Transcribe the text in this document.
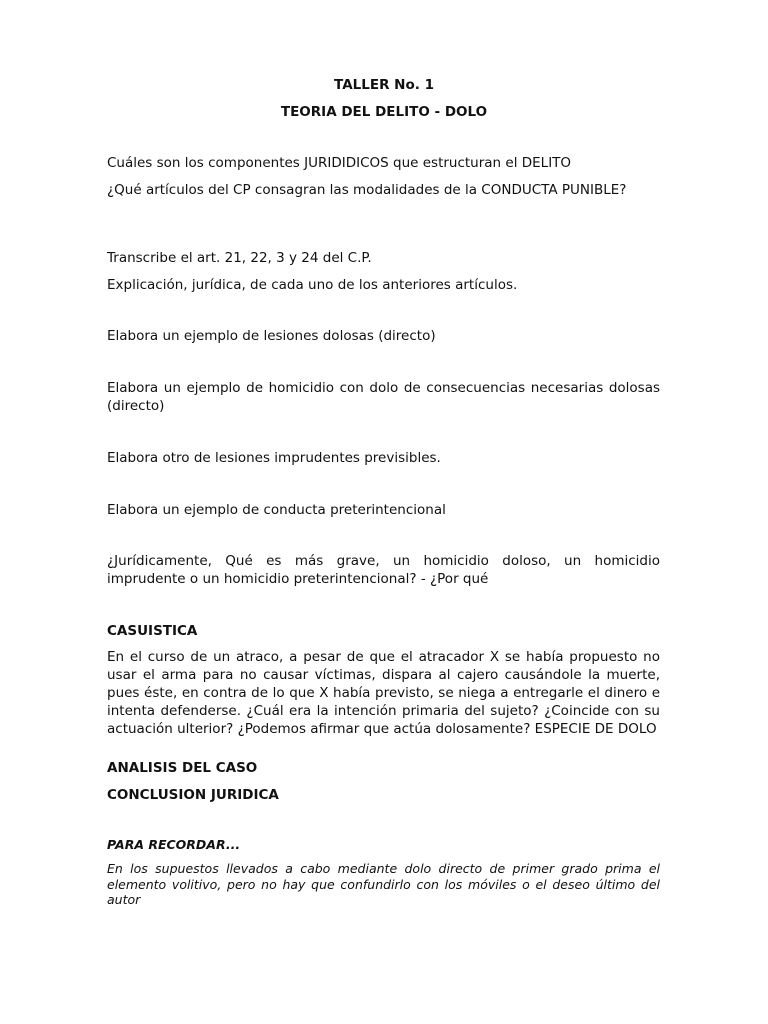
TALLER No. 1
TEORIA DEL DELITO - DOLO
Cuáles son los componentes JURIDIDICOS que estructuran el DELITO
¿Qué artículos del CP consagran las modalidades de la CONDUCTA PUNIBLE?
Transcribe el art. 21, 22, 3 y 24 del C.P.
Explicación, jurídica, de cada uno de los anteriores artículos.
Elabora un ejemplo de lesiones dolosas (directo)
Elabora un ejemplo de homicidio con dolo de consecuencias necesarias dolosas (directo)
Elabora otro de lesiones imprudentes previsibles.
Elabora un ejemplo de conducta preterintencional
¿Jurídicamente, Qué es más grave, un homicidio doloso, un homicidio imprudente o un homicidio preterintencional? - ¿Por qué
CASUISTICA
En el curso de un atraco, a pesar de que el atracador X se había propuesto no usar el arma para no causar víctimas, dispara al cajero causándole la muerte, pues éste, en contra de lo que X había previsto, se niega a entregarle el dinero e intenta defenderse. ¿Cuál era la intención primaria del sujeto? ¿Coincide con su actuación ulterior? ¿Podemos afirmar que actúa dolosamente? ESPECIE DE DOLO
ANALISIS DEL CASO
CONCLUSION JURIDICA
PARA RECORDAR...
En los supuestos llevados a cabo mediante dolo directo de primer grado prima el elemento volitivo, pero no hay que confundirlo con los móviles o el deseo último del autor
